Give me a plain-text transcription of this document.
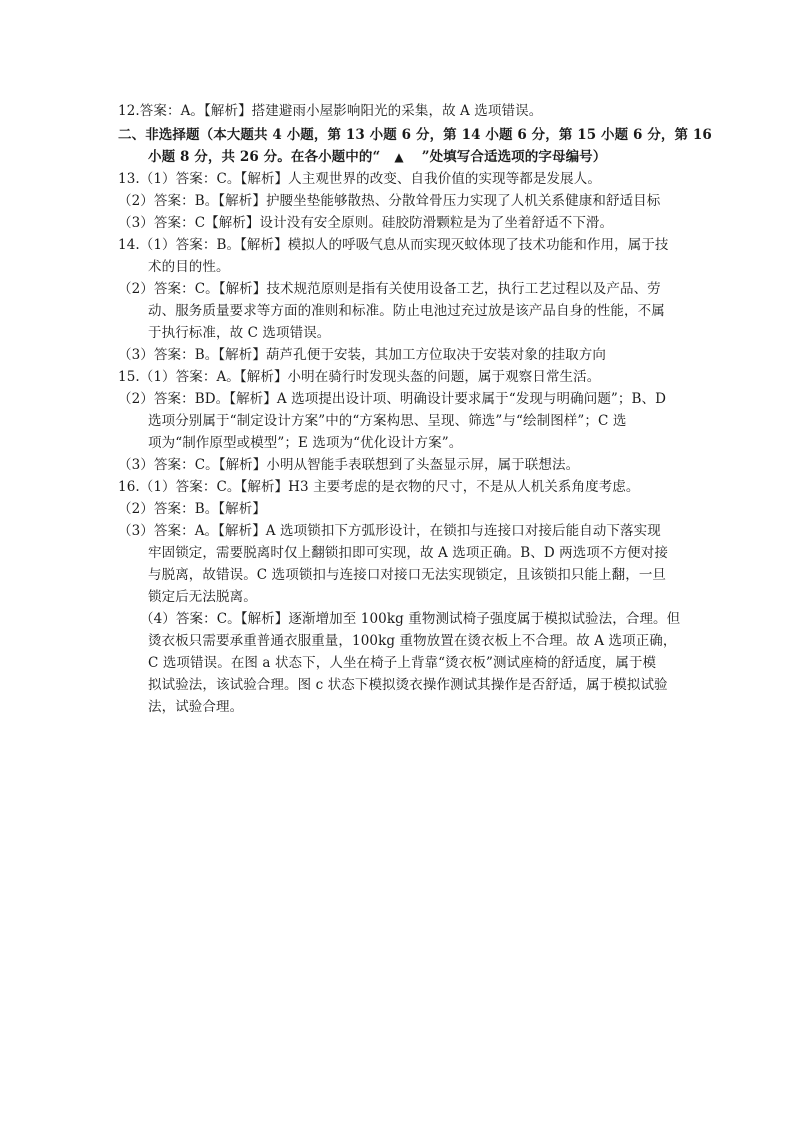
12.答案：A。【解析】搭建避雨小屋影响阳光的采集，故 A 选项错误。
二、非选择题（本大题共 4 小题，第 13 小题 6 分，第 14 小题 6 分，第 15 小题 6 分，第 16
小题 8 分，共 26 分。在各小题中的“ ▲ ”处填写合适选项的字母编号）
13.（1）答案：C。【解析】人主观世界的改变、自我价值的实现等都是发展人。
（2）答案：B。【解析】护腰坐垫能够散热、分散耸骨压力实现了人机关系健康和舒适目标
（3）答案：C【解析】设计没有安全原则。硅胶防滑颗粒是为了坐着舒适不下滑。
14.（1）答案：B。【解析】模拟人的呼吸气息从而实现灭蚊体现了技术功能和作用，属于技
术的目的性。
（2）答案：C。【解析】技术规范原则是指有关使用设备工艺，执行工艺过程以及产品、劳
动、服务质量要求等方面的准则和标准。防止电池过充过放是该产品自身的性能，不属
于执行标准，故 C 选项错误。
（3）答案：B。【解析】葫芦孔便于安装，其加工方位取决于安装对象的挂取方向
15.（1）答案：A。【解析】小明在骑行时发现头盔的问题，属于观察日常生活。
（2）答案：BD。【解析】A 选项提出设计项、明确设计要求属于“发现与明确问题”；B、D
选项分别属于“制定设计方案”中的“方案构思、呈现、筛选”与“绘制图样”；C 选
项为“制作原型或模型”；E 选项为“优化设计方案”。
（3）答案：C。【解析】小明从智能手表联想到了头盔显示屏，属于联想法。
16.（1）答案：C。【解析】H3 主要考虑的是衣物的尺寸，不是从人机关系角度考虑。
（2）答案：B。【解析】
（3）答案：A。【解析】A 选项锁扣下方弧形设计，在锁扣与连接口对接后能自动下落实现
牢固锁定，需要脱离时仅上翻锁扣即可实现，故 A 选项正确。B、D 两选项不方便对接
与脱离，故错误。C 选项锁扣与连接口对接口无法实现锁定，且该锁扣只能上翻，一旦
锁定后无法脱离。
（4）答案：C。【解析】逐渐增加至 100kg 重物测试椅子强度属于模拟试验法，合理。但
烫衣板只需要承重普通衣服重量，100kg 重物放置在烫衣板上不合理。故 A 选项正确，
C 选项错误。在图 a 状态下，人坐在椅子上背靠“烫衣板”测试座椅的舒适度，属于模
拟试验法，该试验合理。图 c 状态下模拟烫衣操作测试其操作是否舒适，属于模拟试验
法，试验合理。
